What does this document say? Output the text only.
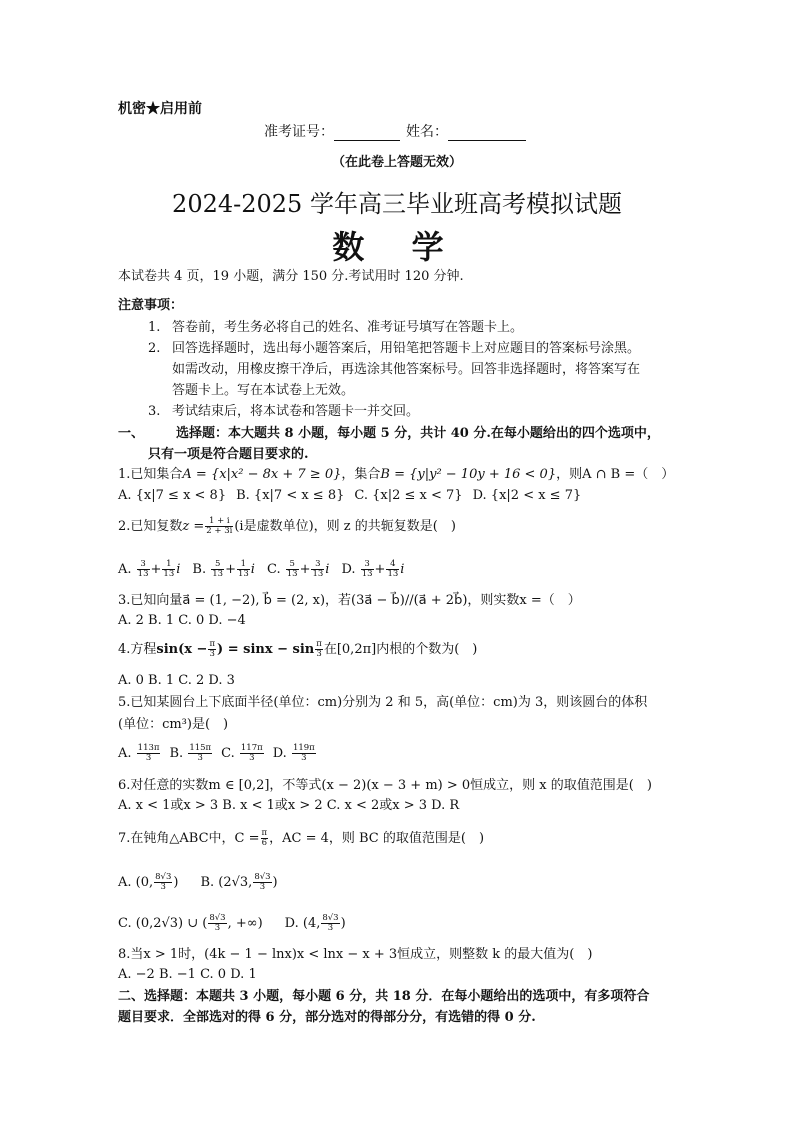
机密★启用前
准考证号：	姓名：
（在此卷上答题无效）
2024-2025 学年高三毕业班高考模拟试题
数 学
本试卷共 4 页，19 小题，满分 150 分.考试用时 120 分钟.
注意事项：
1. 答卷前，考生务必将自己的姓名、准考证号填写在答题卡上。
2. 回答选择题时，选出每小题答案后，用铅笔把答题卡上对应题目的答案标号涂黑。
如需改动，用橡皮擦干净后，再选涂其他答案标号。回答非选择题时，将答案写在
答题卡上。写在本试卷上无效。
3. 考试结束后，将本试卷和答题卡一并交回。
一、 选择题：本大题共 8 小题，每小题 5 分，共计 40 分.在每小题给出的四个选项中，
只有一项是符合题目要求的.
1.已知集合A = {x|x² − 8x + 7 ≥ 0}，集合B = {y|y² − 10y + 16 < 0}，则A ∩ B =（　）
A. {x|7 ≤ x < 8} B. {x|7 < x ≤ 8} C. {x|2 ≤ x < 7} D. {x|2 < x ≤ 7}
2.已知复数$z = \frac{1 + i}{2 + 3i} (i$是虚数单位)，则 z 的共轭复数是(　)
A. $\frac{3}{13} + \frac{1}{13}$ i B. $\frac{5}{13} + \frac{1}{13}$ i C. $\frac{5}{13} + \frac{3}{13}$ i D. $\frac{3}{13} + \frac{4}{13}$ i
3.已知向量a⃗ = (1, −2), b⃗ = (2, x)，若(3a⃗ − b⃗)//(a⃗ + 2b⃗)，则实数x =（　）
A. 2 B. 1 C. 0 D. −4
4.方程$\sin(x - \frac{\pi}{3}$ ) = $\sin x - \sin \frac{\pi}{3}$ 在[0,2π]内根的个数为(　)
A. 0 B. 1 C. 2 D. 3
5.已知某圆台上下底面半径(单位：cm)分别为 2 和 5，高(单位：cm)为 3，则该圆台的体积
(单位：cm³)是(　)
A. $\frac{113\pi}{3} B$. $\frac{115\pi}{3} C$. $\frac{117\pi}{3} D$. $\frac{119\pi}{3}$
6.对任意的实数m ∈ [0,2]，不等式(x − 2)(x − 3 + m) > 0恒成立，则 x 的取值范围是(　)
A. x < 1或x > 3 B. x < 1或x > 2 C. x < 2或x > 3 D. R
7.在钝角△ABC中，$C = \frac{\pi}{6}$ ，AC = 4，则 BC 的取值范围是(　)
A. (0, $\frac{8√3}{3}$ ) B. (2√3, $\frac{8√3}{3}$ )
C. (0,2√3) ∪ ( $\frac{8√3}{3}$ , +∞) D. (4, $\frac{8√3}{3}$ )
8.当x > 1时，(4k − 1 − lnx)x < lnx − x + 3恒成立，则整数 k 的最大值为(　)
A. −2 B. −1 C. 0 D. 1
二、选择题：本题共 3 小题，每小题 6 分，共 18 分．在每小题给出的选项中，有多项符合
题目要求．全部选对的得 6 分，部分选对的得部分分，有选错的得 0 分.
